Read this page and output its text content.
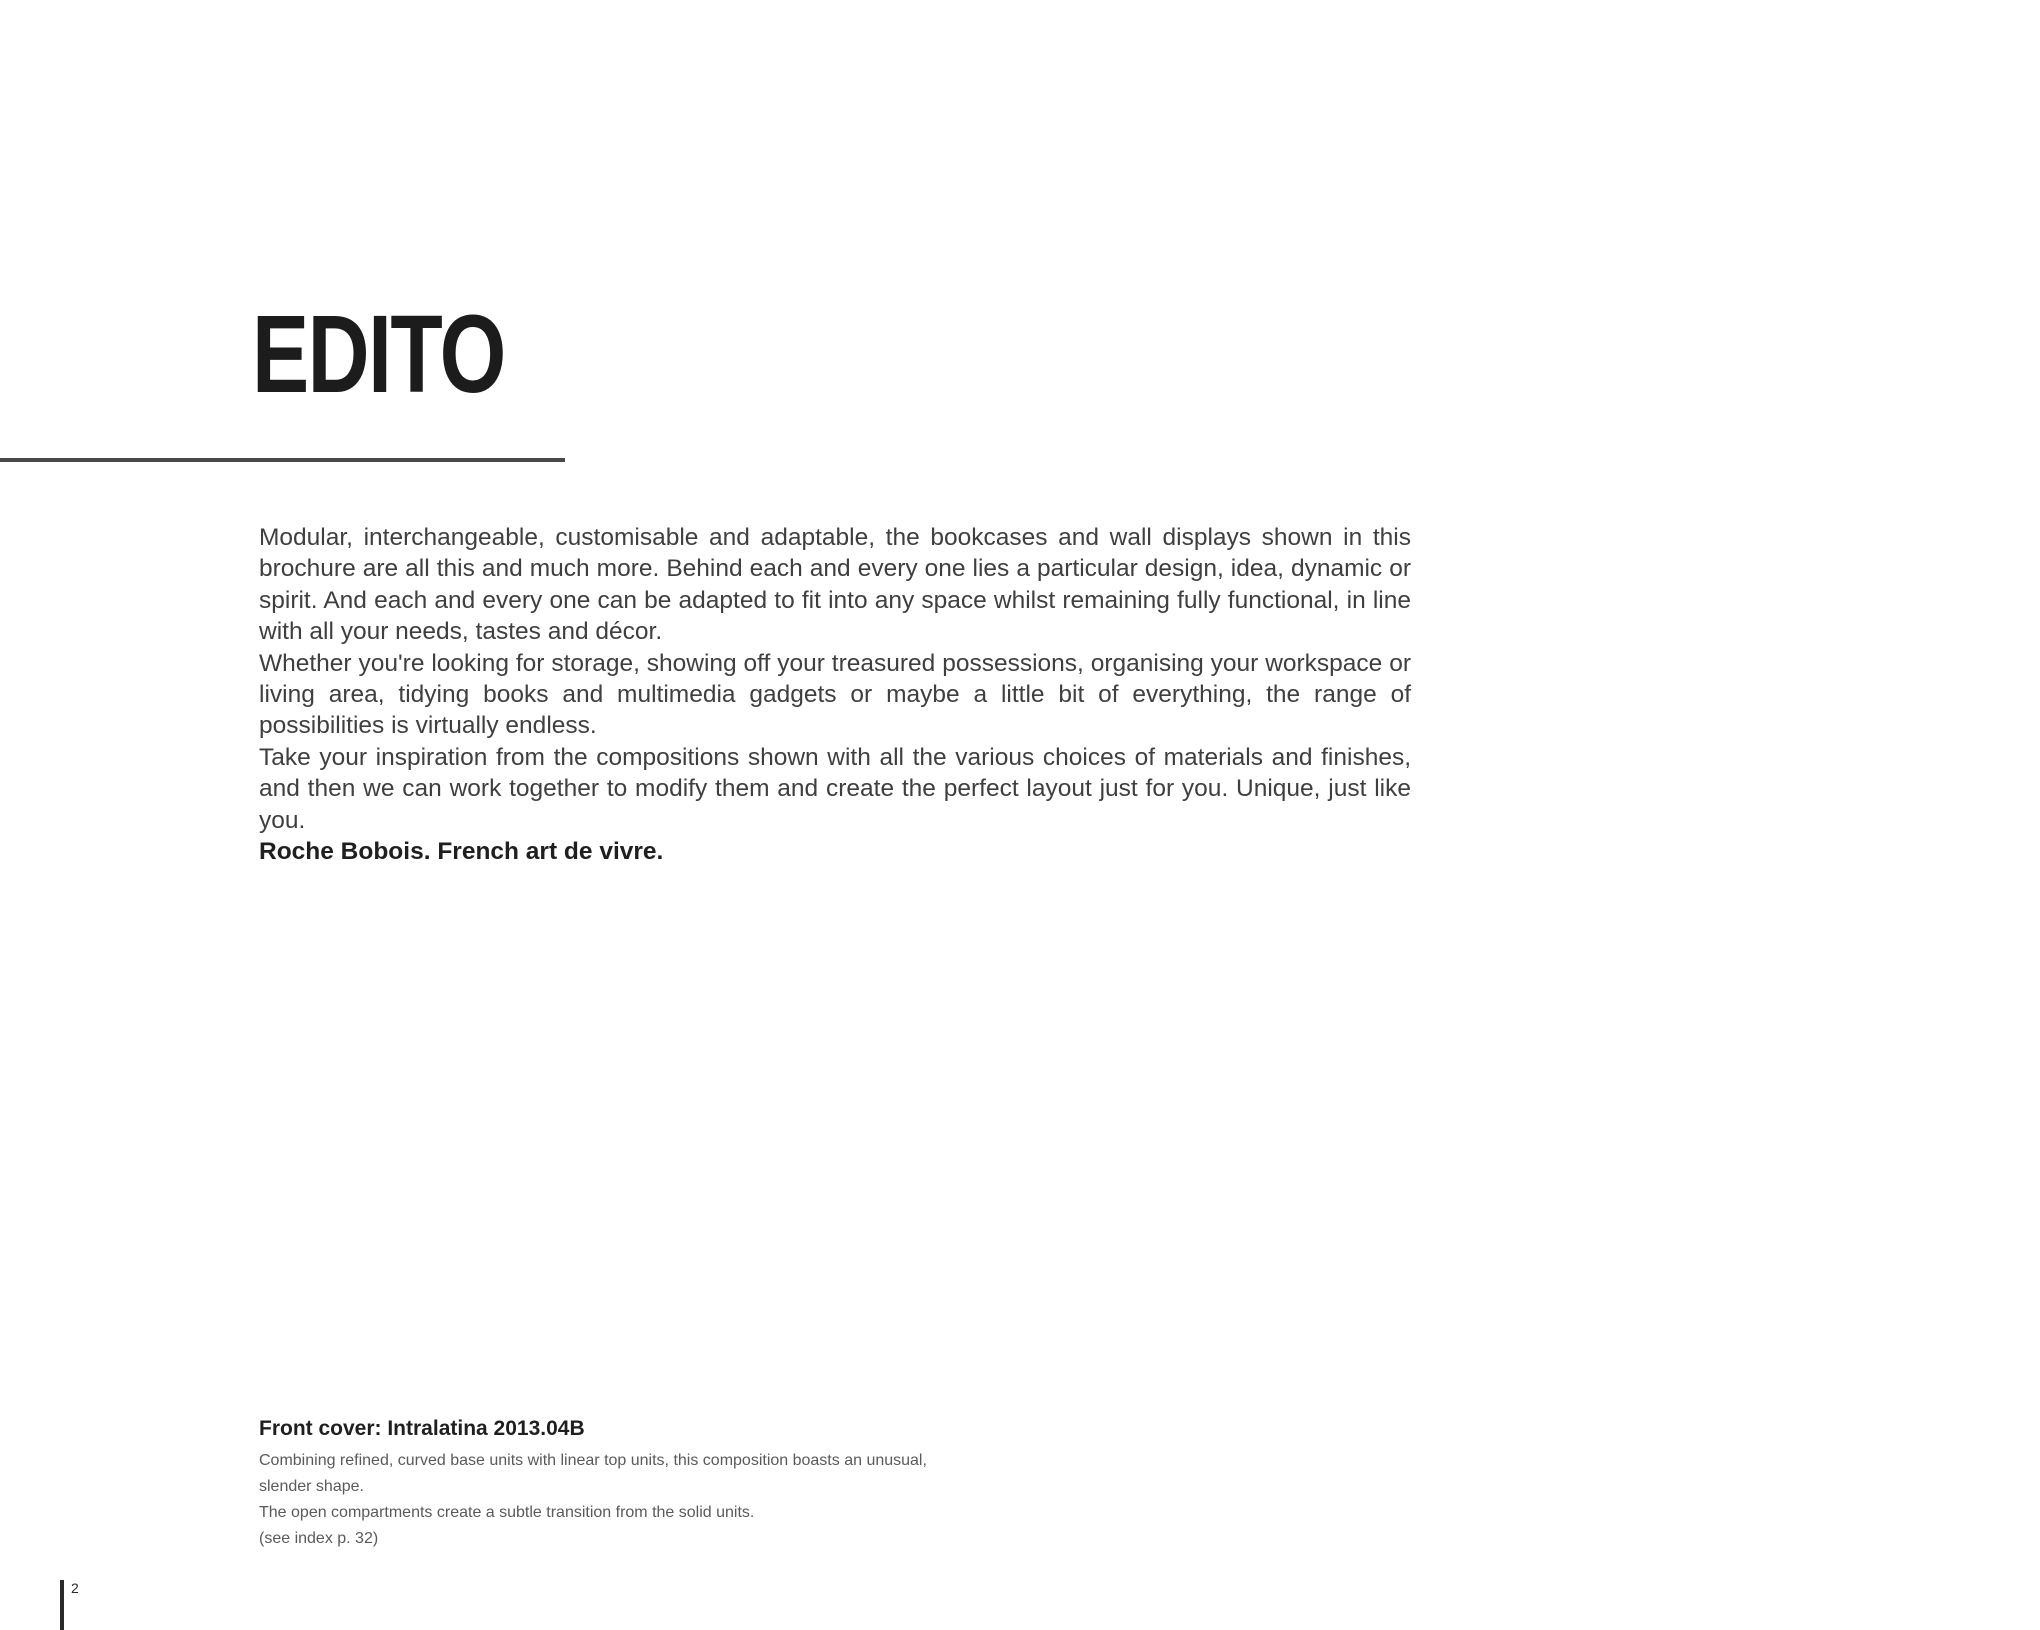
EDITO

Modular, interchangeable, customisable and adaptable, the bookcases and wall displays shown in this brochure are all this and much more. Behind each and every one lies a particular design, idea, dynamic or spirit. And each and every one can be adapted to fit into any space whilst remaining fully functional, in line with all your needs, tastes and décor.

Whether you're looking for storage, showing off your treasured possessions, organising your workspace or living area, tidying books and multimedia gadgets or maybe a little bit of everything, the range of possibilities is virtually endless.

Take your inspiration from the compositions shown with all the various choices of materials and finishes, and then we can work together to modify them and create the perfect layout just for you. Unique, just like you.

Roche Bobois. French art de vivre.

Front cover: Intralatina 2013.04B

Combining refined, curved base units with linear top units, this composition boasts an unusual,

slender shape.

The open compartments create a subtle transition from the solid units.

(see index p. 32)

2
